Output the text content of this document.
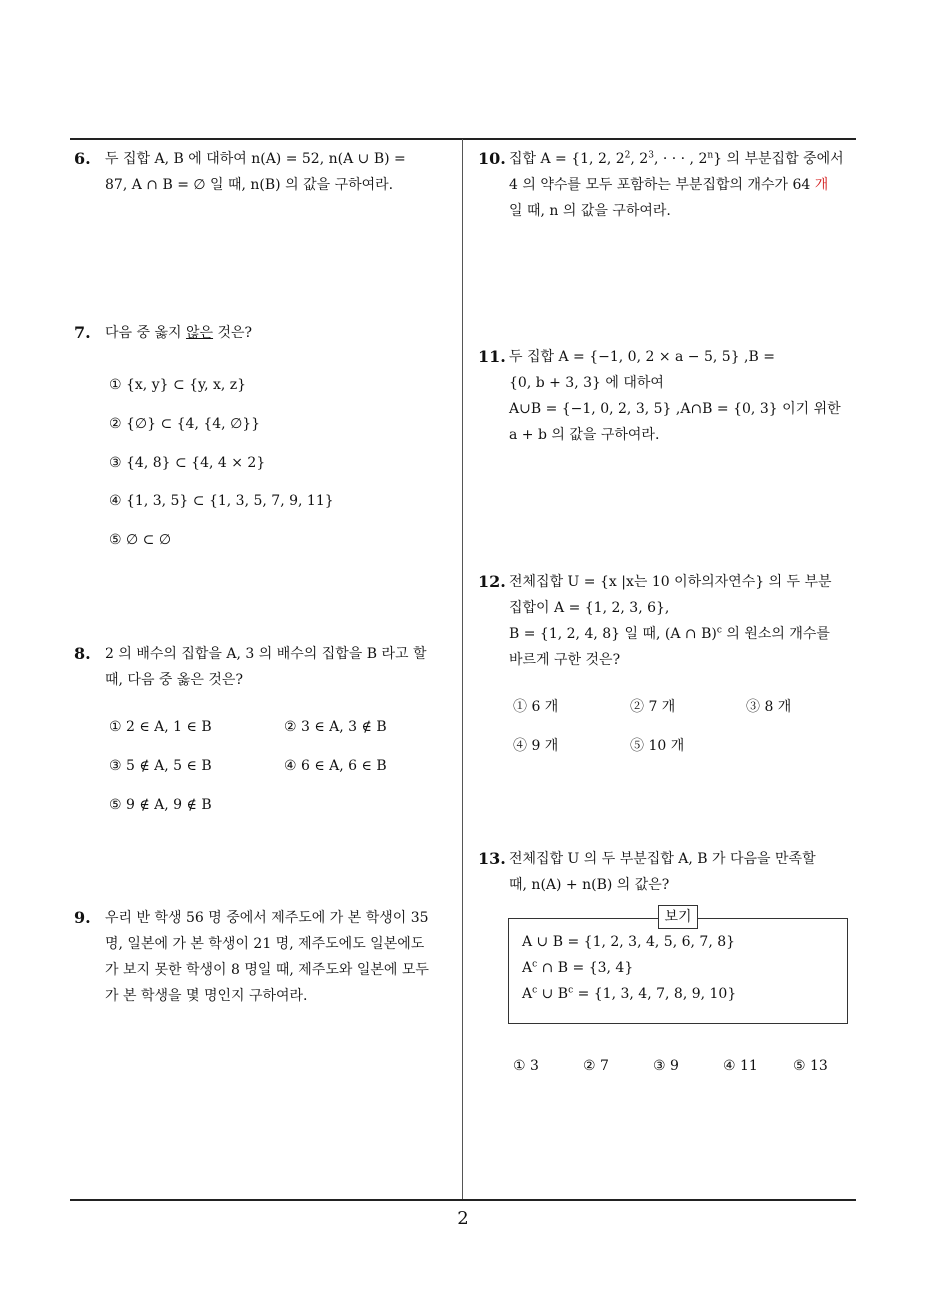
6. 두 집합 A, B 에 대하여 n(A) = 52, n(A ∪ B) =
87, A ∩ B = ∅ 일 때, n(B) 의 값을 구하여라.
7. 다음 중 옳지 않은 것은?
① {x, y} ⊂ {y, x, z}
② {∅} ⊂ {4, {4, ∅}}
③ {4, 8} ⊂ {4, 4 × 2}
④ {1, 3, 5} ⊂ {1, 3, 5, 7, 9, 11}
⑤ ∅ ⊂ ∅
8. 2 의 배수의 집합을 A, 3 의 배수의 집합을 B 라고 할
때, 다음 중 옳은 것은?
① 2 ∈ A, 1 ∈ B	② 3 ∈ A, 3 ∉ B
③ 5 ∉ A, 5 ∈ B	④ 6 ∈ A, 6 ∈ B
⑤ 9 ∉ A, 9 ∉ B
9. 우리 반 학생 56 명 중에서 제주도에 가 본 학생이 35
명, 일본에 가 본 학생이 21 명, 제주도에도 일본에도
가 보지 못한 학생이 8 명일 때, 제주도와 일본에 모두
가 본 학생을 몇 명인지 구하여라.
10. 집합 A = {1, 2, $2^2$, $2^3$, · · · , 2$^n$} 의 부분집합 중에서
4 의 약수를 모두 포함하는 부분집합의 개수가 64 개
일 때, n 의 값을 구하여라.
11. 두 집합 A = {−1, 0, 2 × a − 5, 5} ,B =
{0, b + 3, 3} 에 대하여
A∪B = {−1, 0, 2, 3, 5} ,A∩B = {0, 3} 이기 위한
a + b 의 값을 구하여라.
12. 전체집합 U = {x |x는 10 이하의자연수} 의 두 부분
집합이 A = {1, 2, 3, 6},
B = {1, 2, 4, 8} 일 때, (A ∩ B)$^c$ 의 원소의 개수를
바르게 구한 것은?
① 6 개	② 7 개	③ 8 개
④ 9 개	⑤ 10 개
13. 전체집합 U 의 두 부분집합 A, B 가 다음을 만족할
때, n(A) + n(B) 의 값은?
보기
A ∪ B = {1, 2, 3, 4, 5, 6, 7, 8}
$A^c$ ∩ B = {3, 4}
$A^c$ ∪ $B^c = \{1$, 3, 4, 7, 8, 9, 10}
① 3	② 7	③ 9	④ 11	⑤ 13
2
